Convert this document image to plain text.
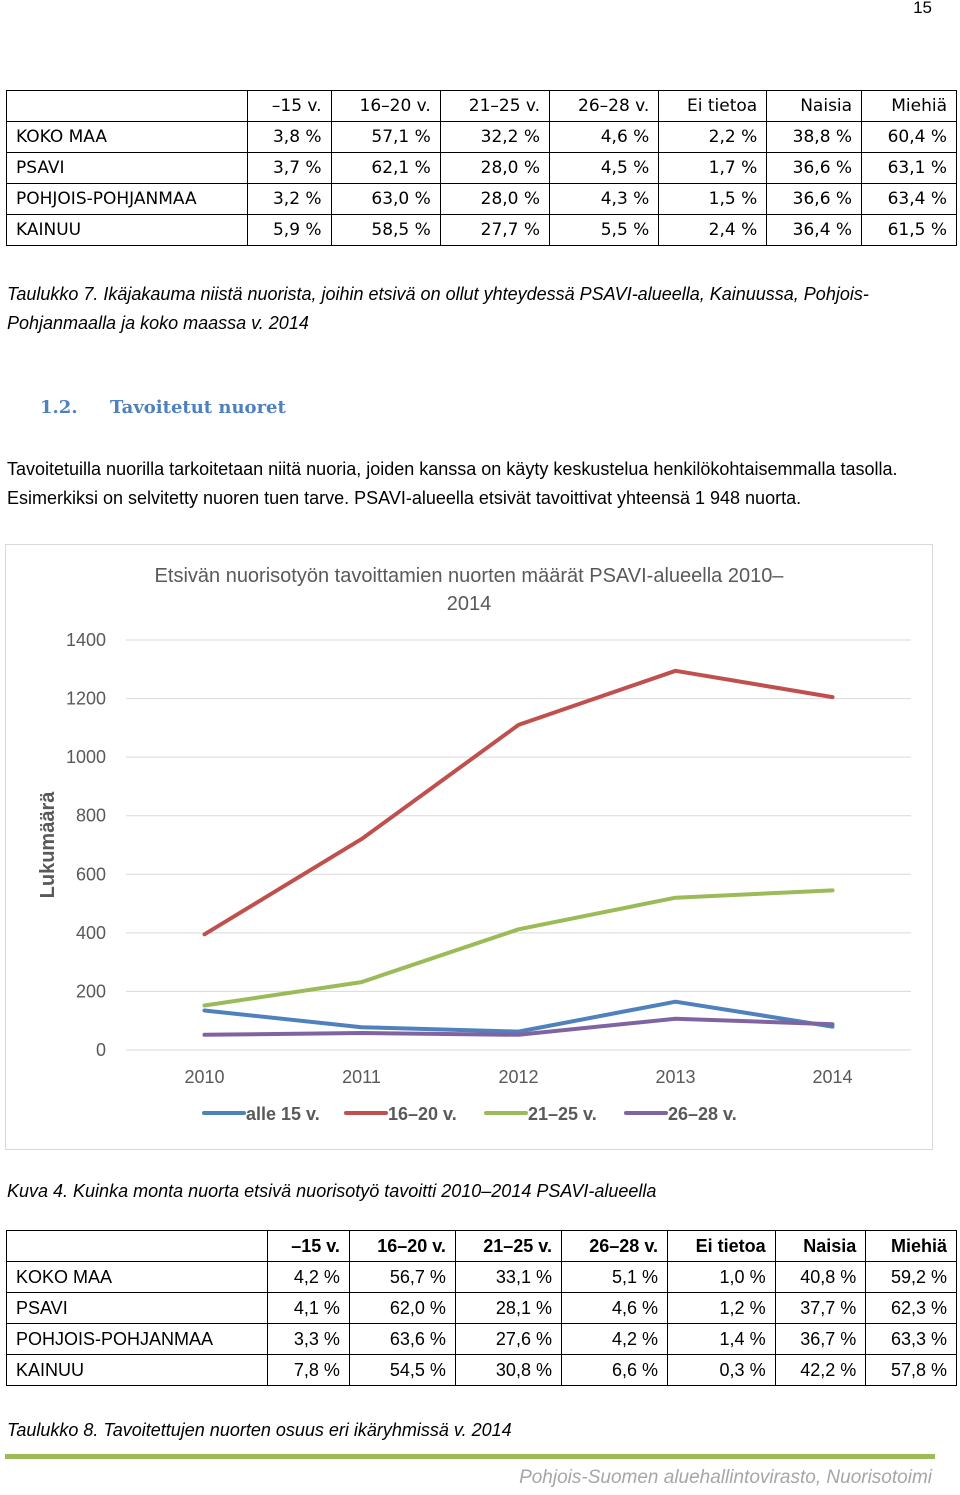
15
	–15 v.	16–20 v.	21–25 v.	26–28 v.	Ei tietoa	Naisia	Miehiä
KOKO MAA	3,8 %	57,1 %	32,2 %	4,6 %	2,2 %	38,8 %	60,4 %
PSAVI	3,7 %	62,1 %	28,0 %	4,5 %	1,7 %	36,6 %	63,1 %
POHJOIS-POHJANMAA	3,2 %	63,0 %	28,0 %	4,3 %	1,5 %	36,6 %	63,4 %
KAINUU	5,9 %	58,5 %	27,7 %	5,5 %	2,4 %	36,4 %	61,5 %
Taulukko 7. Ikäjakauma niistä nuorista, joihin etsivä on ollut yhteydessä PSAVI-alueella, Kainuussa, Pohjois-Pohjanmaalla ja koko maassa v. 2014
1.2. Tavoitetut nuoret
Tavoitetuilla nuorilla tarkoitetaan niitä nuoria, joiden kanssa on käyty keskustelua henkilökohtaisemmalla tasolla. Esimerkiksi on selvitetty nuoren tuen tarve. PSAVI-alueella etsivät tavoittivat yhteensä 1 948 nuorta.
Etsivän nuorisotyön tavoittamien nuorten määrät PSAVI-alueella 2010–
2014
0
200
400
600
800
1000
1200
1400
Lukumäärä
2010	2011	2012	2013	2014
alle 15 v.	16–20 v.	21–25 v.	26–28 v.
Kuva 4. Kuinka monta nuorta etsivä nuorisotyö tavoitti 2010–2014 PSAVI-alueella
	–15 v.	16–20 v.	21–25 v.	26–28 v.	Ei tietoa	Naisia	Miehiä
KOKO MAA	4,2 %	56,7 %	33,1 %	5,1 %	1,0 %	40,8 %	59,2 %
PSAVI	4,1 %	62,0 %	28,1 %	4,6 %	1,2 %	37,7 %	62,3 %
POHJOIS-POHJANMAA	3,3 %	63,6 %	27,6 %	4,2 %	1,4 %	36,7 %	63,3 %
KAINUU	7,8 %	54,5 %	30,8 %	6,6 %	0,3 %	42,2 %	57,8 %
Taulukko 8. Tavoitettujen nuorten osuus eri ikäryhmissä v. 2014
Pohjois-Suomen aluehallintovirasto, Nuorisotoimi
